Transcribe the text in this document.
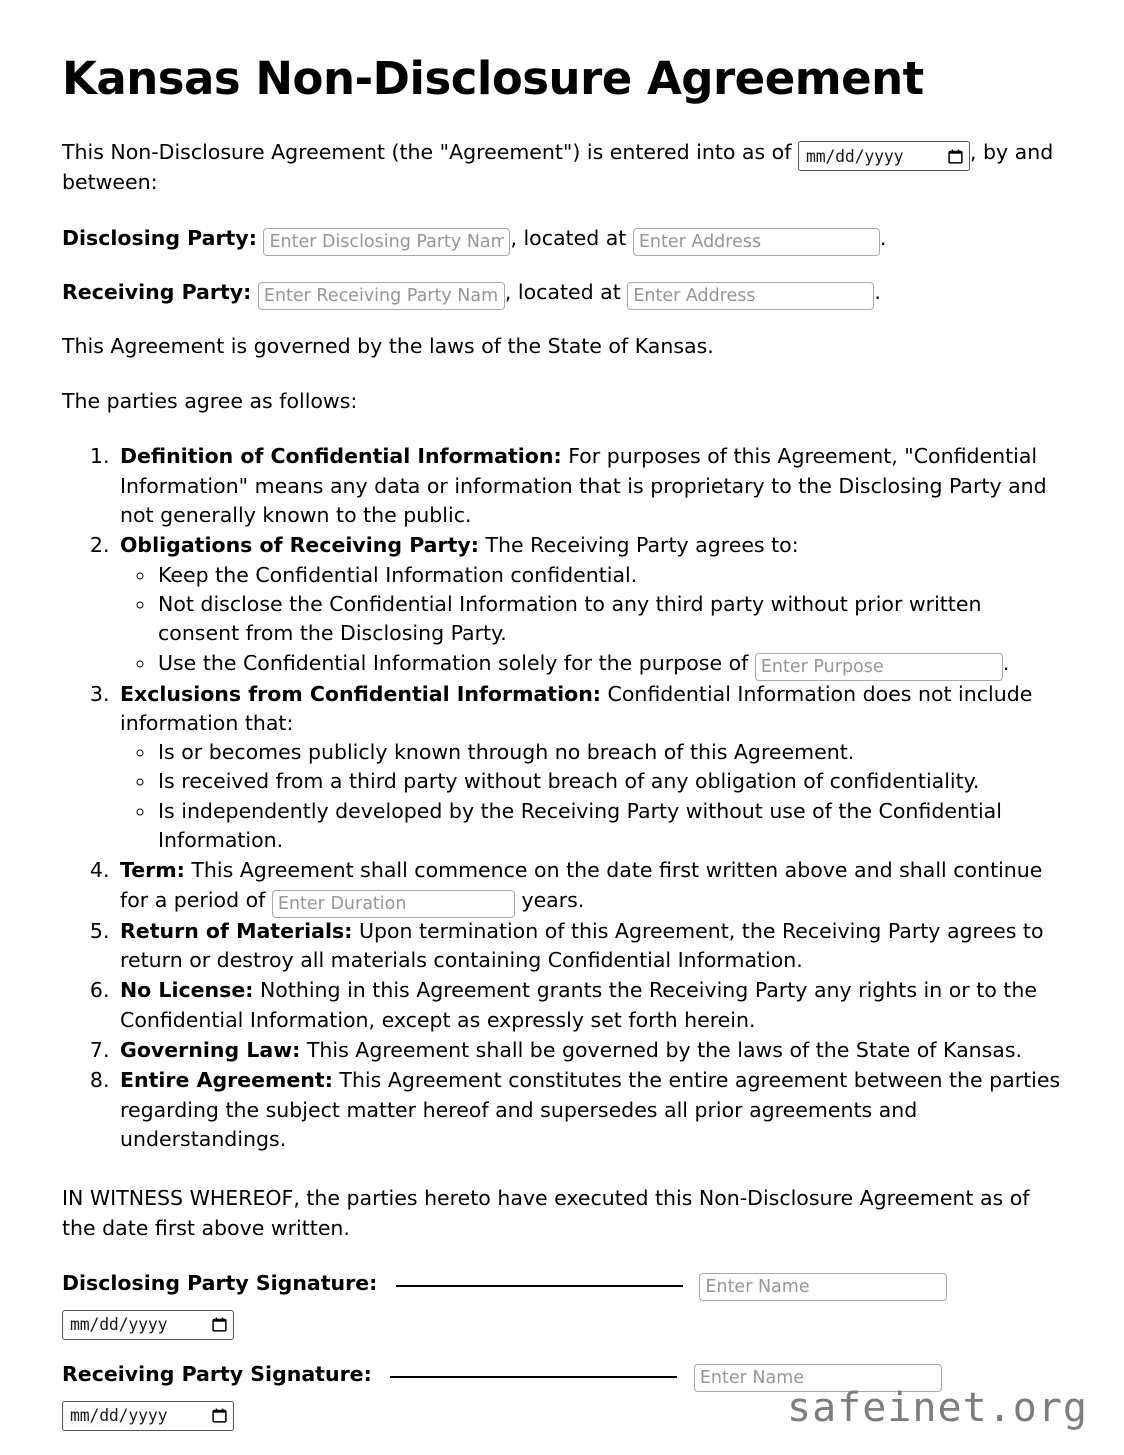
Kansas Non-Disclosure Agreement

This Non-Disclosure Agreement (the "Agreement") is entered into as of mm/dd/yyyy	, by and between:

Disclosing Party: Enter Disclosing Party Name	, located at Enter Address	.

Receiving Party: Enter Receiving Party Name	, located at Enter Address	.

This Agreement is governed by the laws of the State of Kansas.

The parties agree as follows:

1. Definition of Confidential Information: For purposes of this Agreement, "Confidential Information" means any data or information that is proprietary to the Disclosing Party and not generally known to the public.
2. Obligations of Receiving Party: The Receiving Party agrees to:
◦ Keep the Confidential Information confidential.
◦ Not disclose the Confidential Information to any third party without prior written consent from the Disclosing Party.
◦ Use the Confidential Information solely for the purpose of Enter Purpose	.
3. Exclusions from Confidential Information: Confidential Information does not include information that:
◦ Is or becomes publicly known through no breach of this Agreement.
◦ Is received from a third party without breach of any obligation of confidentiality.
◦ Is independently developed by the Receiving Party without use of the Confidential Information.
4. Term: This Agreement shall commence on the date first written above and shall continue for a period of Enter Duration	years.
5. Return of Materials: Upon termination of this Agreement, the Receiving Party agrees to return or destroy all materials containing Confidential Information.
6. No License: Nothing in this Agreement grants the Receiving Party any rights in or to the Confidential Information, except as expressly set forth herein.
7. Governing Law: This Agreement shall be governed by the laws of the State of Kansas.
8. Entire Agreement: This Agreement constitutes the entire agreement between the parties regarding the subject matter hereof and supersedes all prior agreements and understandings.

IN WITNESS WHEREOF, the parties hereto have executed this Non-Disclosure Agreement as of the date first above written.

Disclosing Party Signature:  Enter Name
mm/dd/yyyy
Receiving Party Signature:  Enter Name
mm/dd/yyyy	safeinet.org
